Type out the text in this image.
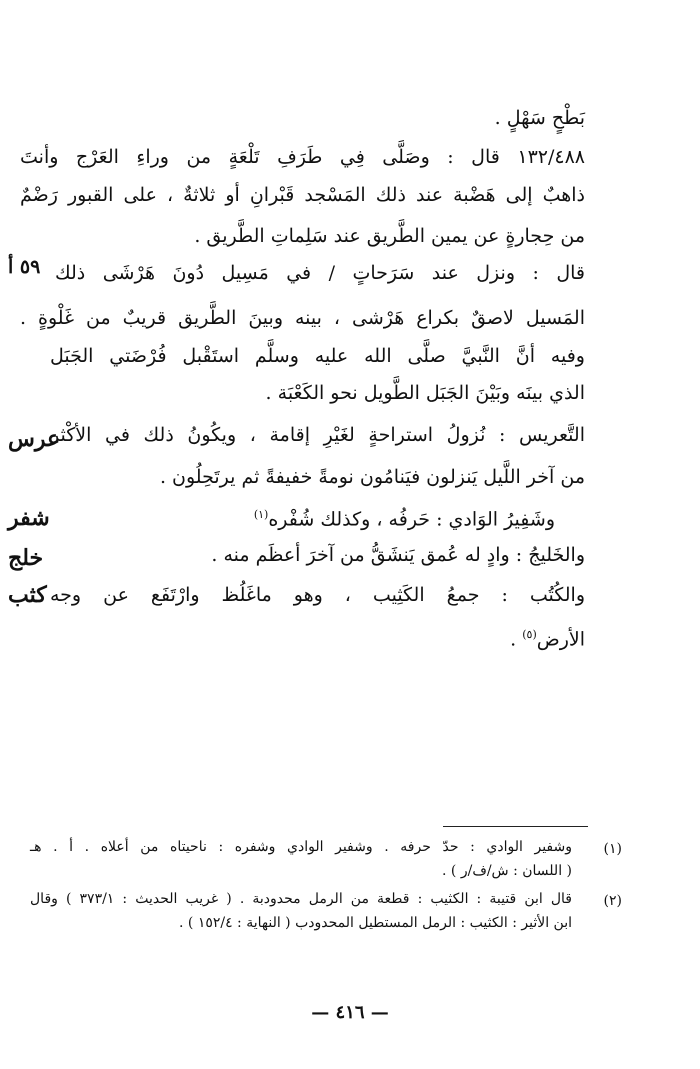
بَطْحٍ سَهْلٍ .
١٣٢/٤٨٨ قال : وصَلَّى فِي طَرَفِ تَلْعَةٍ من وراءِ العَرْج وأنتَ
ذاهبٌ إلى هَضْبة عند ذلك المَسْجد قَبْرانِ أو ثلاثةٌ ، على القبور رَضْمٌ
من حِجارةٍ عن يمين الطَّريق عند سَلِماتِ الطَّريق .
٥٩ أ قال : ونزل عند سَرَحاتٍ / في مَسِيل دُونَ هَرْشَى ذلك
المَسيل لاصقٌ بكراع هَرْشى ، بينه وبينَ الطَّريق قريبٌ من غَلْوةٍ .
وفيه أنَّ النَّبيَّ صلَّى الله عليه وسلَّم استَقْبل فُرْضَتي الجَبَل
الذي بينَه وبَيْنَ الجَبَل الطَّويل نحو الكَعْبَة .
عرس
التَّعريس : نُزولُ استراحةٍ لغَيْرِ إقامة ، ويكُونُ ذلك في الأكْثر
من آخر اللَّيل يَنزلون فيَنامُون نومةً خفيفةً ثم يرتَحِلُون .
شفر	وشَفِيرُ الوَادي : حَرفُه ، وكذلك شُفْره$^{(١)}$
خلج	والخَليجُ : وادٍ له عُمق يَنشَقُّ من آخرَ أعظَم منه .
كثب والكُتُب : جمعُ الكَثِيب ، وهو ماغَلُظ وارْتَفَع عن وجه
الأرض$^{(٥)}$ .
(١)
وشفير الوادي : حدّ حرفه . وشفير الوادي وشفره : ناحيتاه من أعلاه . أ . هـ
( اللسان : ش/ف/ر ) .
(٢)
قال ابن قتيبة : الكثيب : قطعة من الرمل محدودبة . ( غريب الحديث : ٣٧٣/١ ) وقال
ابن الأثير : الكثيب : الرمل المستطيل المحدودب ( النهاية : ١٥٢/٤ ) .
— ٤١٦ —
